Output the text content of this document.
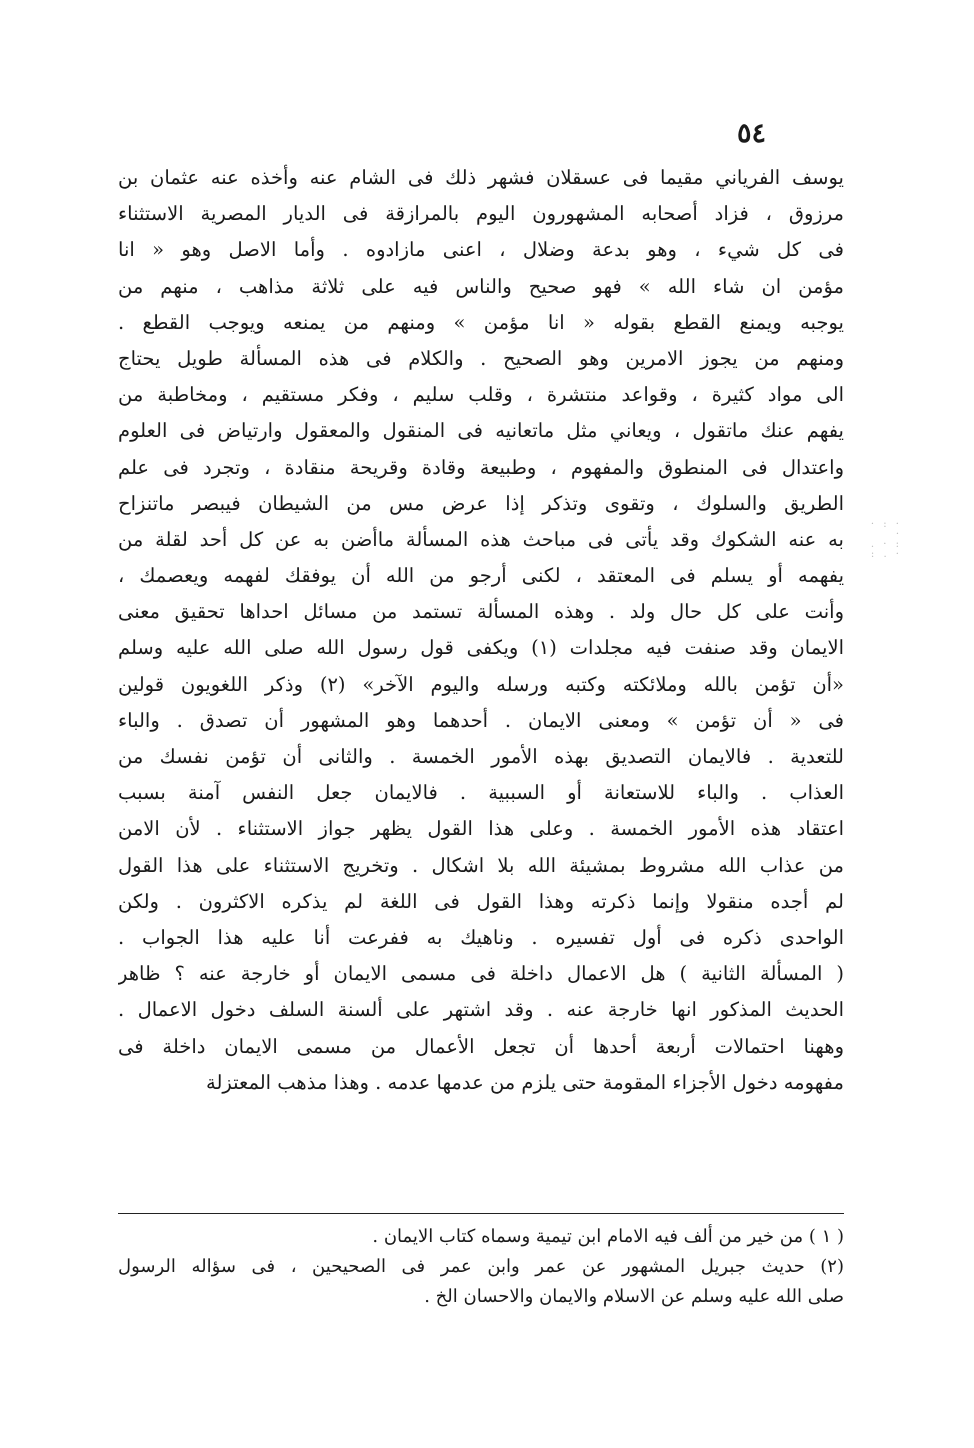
٥٤
يوسف الفرياني مقيما فى عسقلان فشهر ذلك فى الشام عنه وأخذه عنه عثمان بن
مرزوق ، فزاد أصحابه المشهورون اليوم بالمرازقة فى الديار المصرية الاستثناء
فى كل شيء ، وهو بدعة وضلال ، اعنى مازادوه . وأما الاصل وهو « انا
مؤمن ان شاء الله » فهو صحيح والناس فيه على ثلاثة مذاهب ، منهم من
يوجبه ويمنع القطع بقوله « انا مؤمن » ومنهم من يمنعه ويوجب القطع .
ومنهم من يجوز الامرين وهو الصحيح . والكلام فى هذه المسألة طويل يحتاج
الى مواد كثيرة ، وقواعد منتشرة ، وقلب سليم ، وفكر مستقيم ، ومخاطبة من
يفهم عنك ماتقول ، ويعاني مثل ماتعانيه فى المنقول والمعقول وارتياض فى العلوم
واعتدال فى المنطوق والمفهوم ، وطبيعة وقادة وقريحة منقادة ، وتجرد فى علم
الطريق والسلوك ، وتقوى وتذكر إذا عرض مس من الشيطان فيبصر ماتنزاح
به عنه الشكوك وقد يأتى فى مباحث هذه المسألة ماأضن به عن كل أحد لقلة من
يفهمه أو يسلم فى المعتقد ، لكنى أرجو من الله أن يوفقك لفهمه ويعصمك ،
وأنت على كل حال ولد . وهذه المسألة تستمد من مسائل احداها تحقيق معنى
الايمان وقد صنفت فيه مجلدات (١) ويكفى قول رسول الله صلى الله عليه وسلم
«أن تؤمن بالله وملائكته وكتبه ورسله واليوم الآخر» (٢) وذكر اللغويون قولين
فى « أن تؤمن » ومعنى الايمان . أحدهما وهو المشهور أن تصدق . والباء
للتعدية . فالايمان التصديق بهذه الأمور الخمسة . والثانى أن تؤمن نفسك من
العذاب . والباء للاستعانة أو السببية . فالايمان جعل النفس آمنة بسبب
اعتقاد هذه الأمور الخمسة . وعلى هذا القول يظهر جواز الاستثناء . لأن الامن
من عذاب الله مشروط بمشيئة الله بلا اشكال . وتخريج الاستثناء على هذا القول
لم أجده منقولا وإنما ذكرته وهذا القول فى اللغة لم يذكره الاكثرون . ولكن
الواحدى ذكره فى أول تفسيره . وناهيك به ففرعت أنا عليه هذا الجواب .
( المسألة الثانية ) هل الاعمال داخلة فى مسمى الايمان أو خارجة عنه ؟ ظاهر
الحديث المذكور انها خارجة عنه . وقد اشتهر على ألسنة السلف دخول الاعمال .
وههنا احتمالات أربعة أحدها أن تجعل الأعمال من مسمى الايمان داخلة فى
مفهومه دخول الأجزاء المقومة حتى يلزم من عدمها عدمه . وهذا مذهب المعتزلة
( ١ ) من خير من ألف فيه الامام ابن تيمية وسماه كتاب الايمان .
(٢) حديث جبريل المشهور عن عمر وابن عمر فى الصحيحين ، فى سؤاله الرسول
صلى الله عليه وسلم عن الاسلام والايمان والاحسان الخ .
· : · ·
: · .
· . :
